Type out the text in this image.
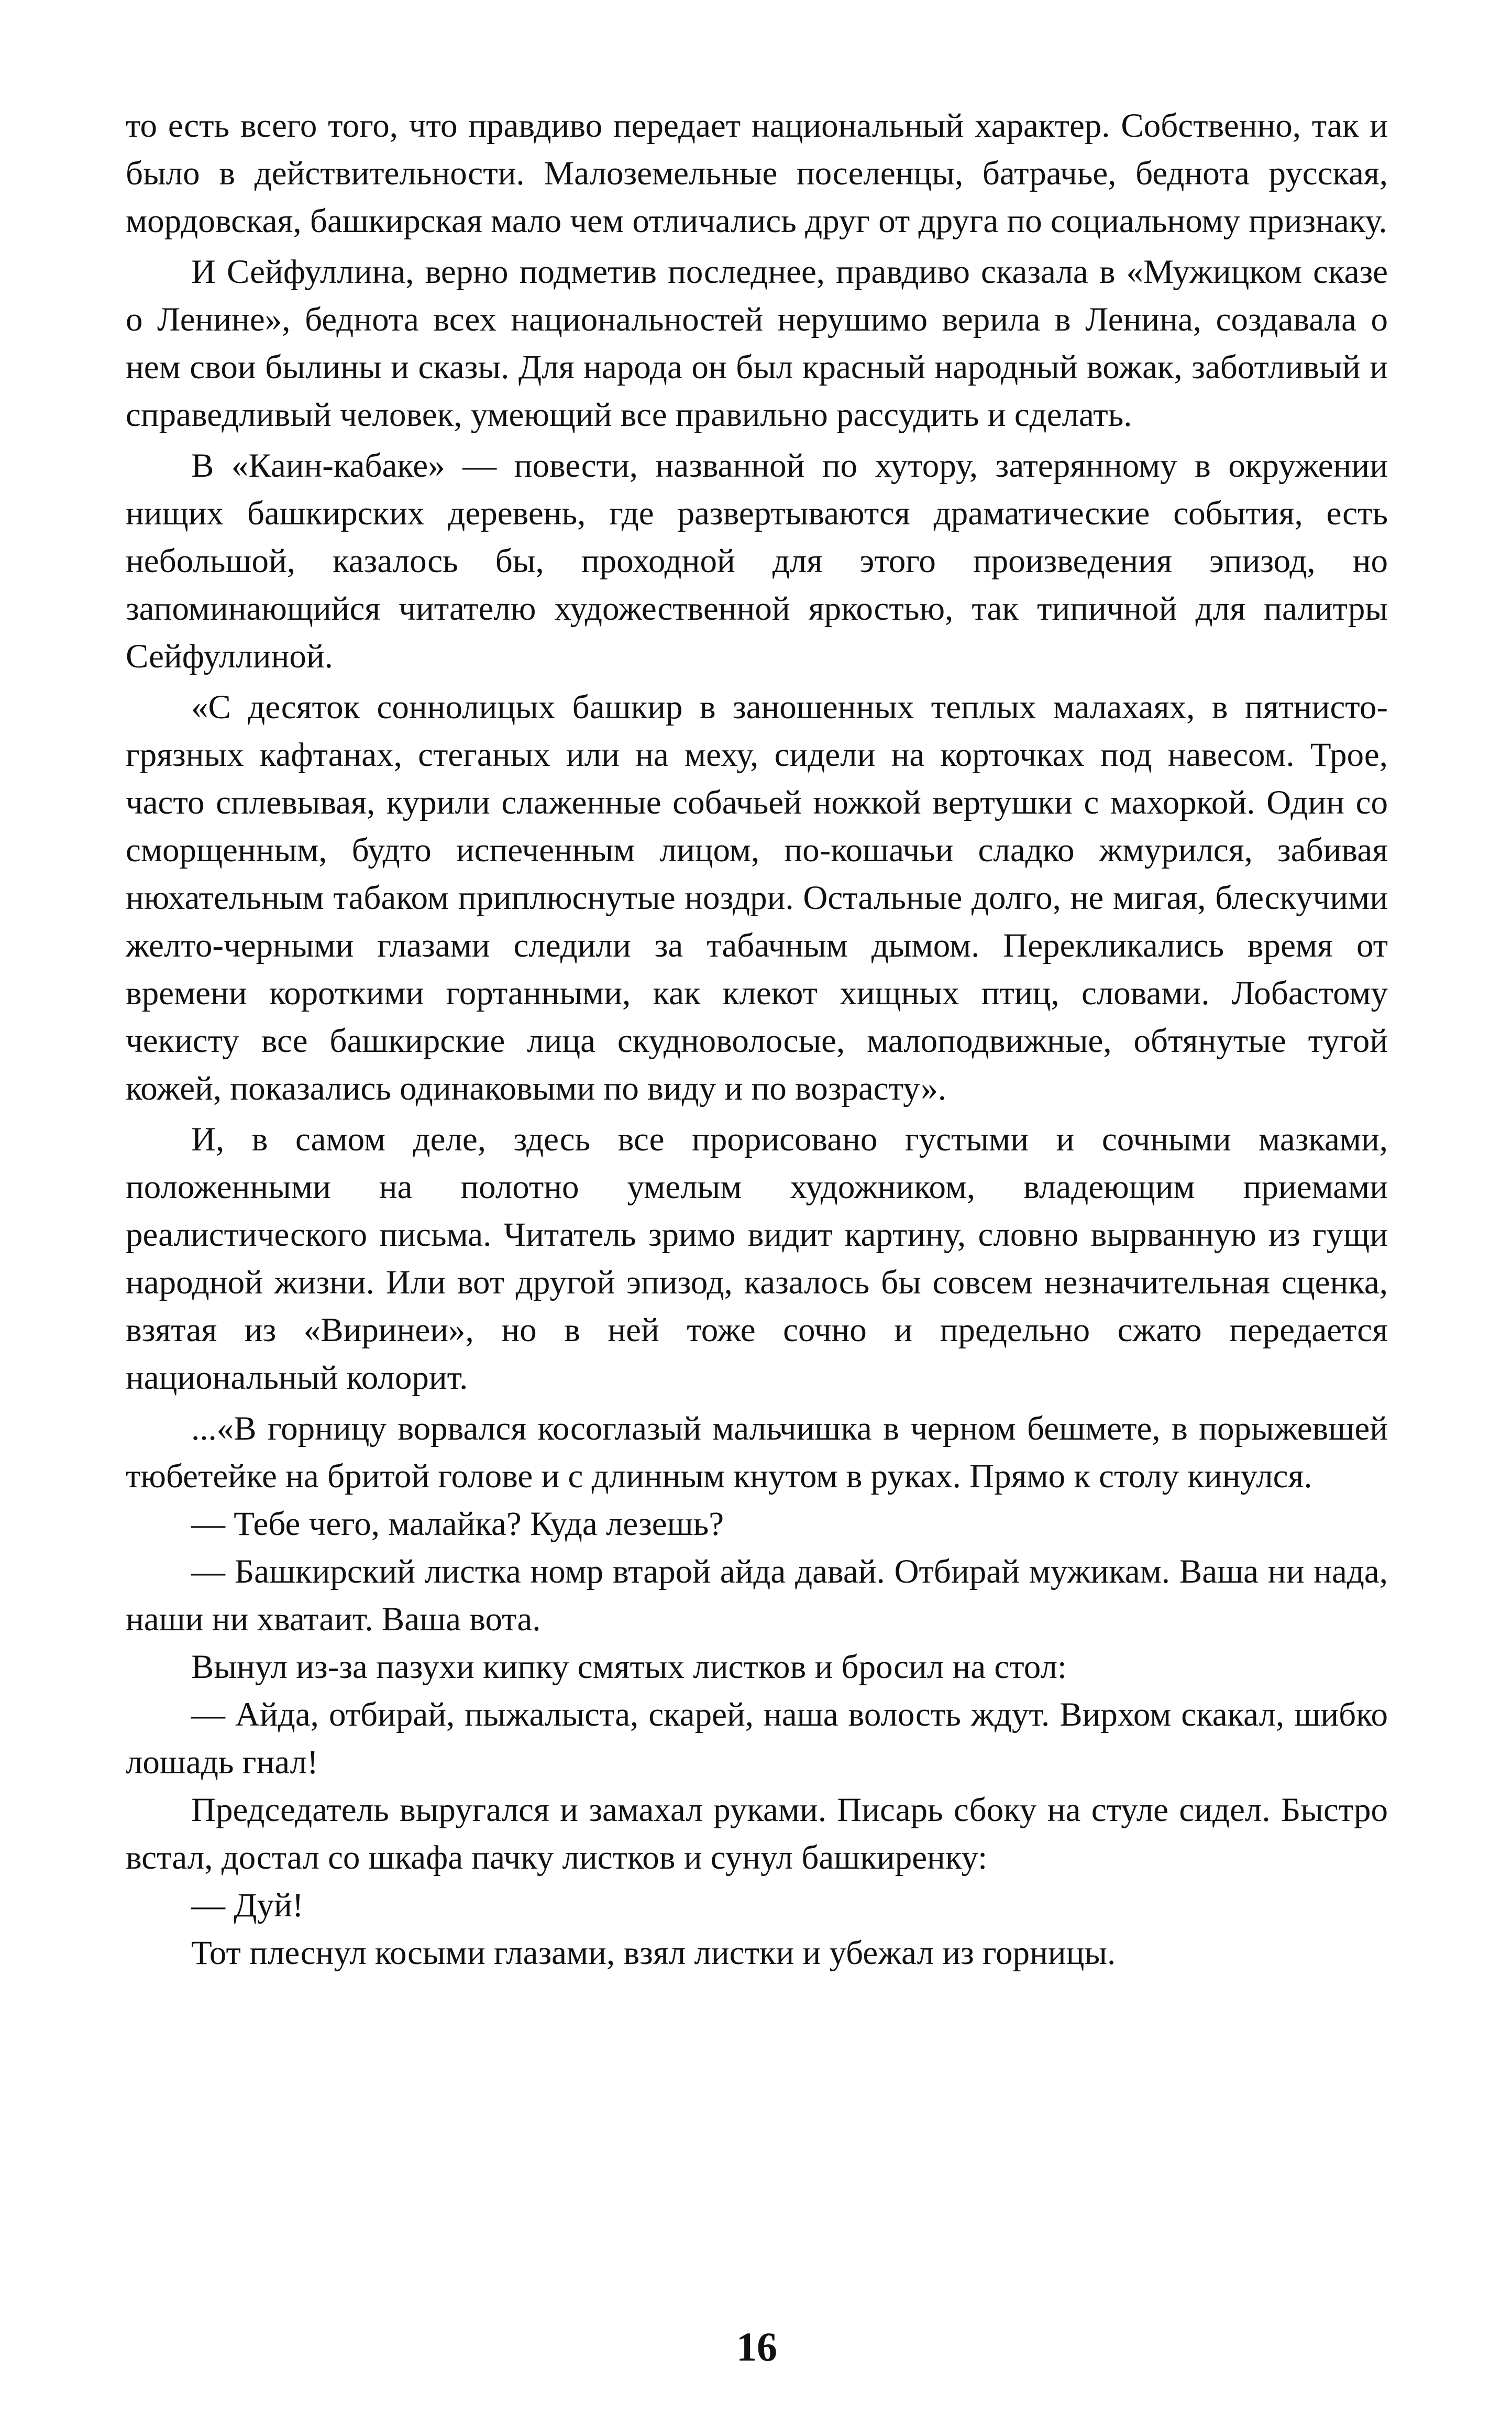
то есть всего того, что правдиво передает национальный характер. Собственно, так и было в действительности. Малоземельные поселенцы, батрачье, беднота русская, мордовская, башкирская мало чем отличались друг от друга по социальному признаку.

И Сейфуллина, верно подметив последнее, правдиво сказала в «Мужицком сказе о Ленине», беднота всех национальностей нерушимо верила в Ленина, создавала о нем свои былины и сказы. Для народа он был красный народный вожак, заботливый и справедливый человек, умеющий все правильно рассудить и сделать.

В «Каин-кабаке» — повести, названной по хутору, затерянному в окружении нищих башкирских деревень, где развертываются драматические события, есть небольшой, казалось бы, проходной для этого произведения эпизод, но запоминающийся читателю художественной яркостью, так типичной для палитры Сейфуллиной.

«С десяток соннолицых башкир в заношенных теплых малахаях, в пятнисто-грязных кафтанах, стеганых или на меху, сидели на корточках под навесом. Трое, часто сплевывая, курили слаженные собачьей ножкой вертушки с махоркой. Один со сморщенным, будто испеченным лицом, по-кошачьи сладко жмурился, забивая нюхательным табаком приплюснутые ноздри. Остальные долго, не мигая, блескучими желто-черными глазами следили за табачным дымом. Перекликались время от времени короткими гортанными, как клекот хищных птиц, словами. Лобастому чекисту все башкирские лица скудноволосые, малоподвижные, обтянутые тугой кожей, показались одинаковыми по виду и по возрасту».

И, в самом деле, здесь все прорисовано густыми и сочными мазками, положенными на полотно умелым художником, владеющим приемами реалистического письма. Читатель зримо видит картину, словно вырванную из гущи народной жизни. Или вот другой эпизод, казалось бы совсем незначительная сценка, взятая из «Виринеи», но в ней тоже сочно и предельно сжато передается национальный колорит.

...«В горницу ворвался косоглазый мальчишка в черном бешмете, в порыжевшей тюбетейке на бритой голове и с длинным кнутом в руках. Прямо к столу кинулся.

— Тебе чего, малайка? Куда лезешь?

— Башкирский листка номр втарой айда давай. Отбирай мужикам. Ваша ни нада, наши ни хватаит. Ваша вота.

Вынул из-за пазухи кипку смятых листков и бросил на стол:

— Айда, отбирай, пыжалыста, скарей, наша волость ждут. Вирхом скакал, шибко лошадь гнал!

Председатель выругался и замахал руками. Писарь сбоку на стуле сидел. Быстро встал, достал со шкафа пачку листков и сунул башкиренку:

— Дуй!

Тот плеснул косыми глазами, взял листки и убежал из горницы.

16
